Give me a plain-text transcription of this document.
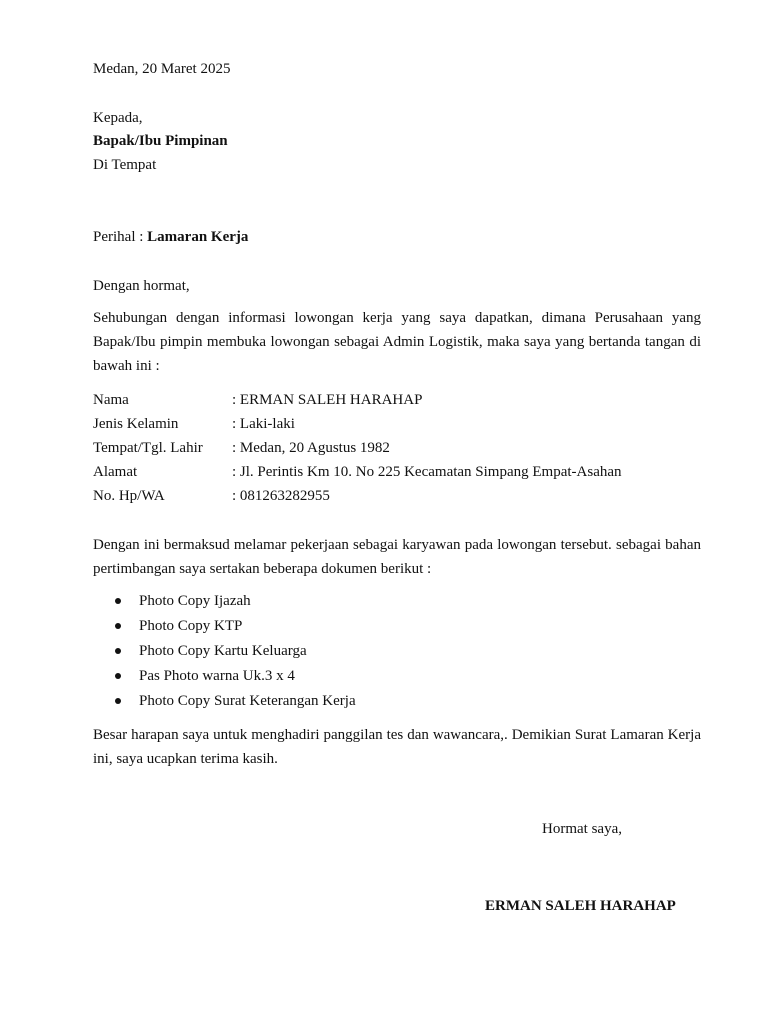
Medan, 20 Maret 2025
Kepada,
Bapak/Ibu Pimpinan
Di Tempat
Perihal : Lamaran Kerja
Dengan hormat,
Sehubungan dengan informasi lowongan kerja yang saya dapatkan, dimana Perusahaan yang Bapak/Ibu pimpin membuka lowongan sebagai Admin Logistik, maka saya yang bertanda tangan di bawah ini :
Nama	: ERMAN SALEH HARAHAP
Jenis Kelamin	: Laki-laki
Tempat/Tgl. Lahir : Medan, 20 Agustus 1982
Alamat	: Jl. Perintis Km 10. No 225 Kecamatan Simpang Empat-Asahan
No. Hp/WA	: 081263282955
Dengan ini bermaksud melamar pekerjaan sebagai karyawan pada lowongan tersebut. sebagai bahan pertimbangan saya sertakan beberapa dokumen berikut :
Photo Copy Ijazah
Photo Copy KTP
Photo Copy Kartu Keluarga
Pas Photo warna Uk.3 x 4
Photo Copy Surat Keterangan Kerja
Besar harapan saya untuk menghadiri panggilan tes dan wawancara,. Demikian Surat Lamaran Kerja ini, saya ucapkan terima kasih.
Hormat saya,
ERMAN SALEH HARAHAP
